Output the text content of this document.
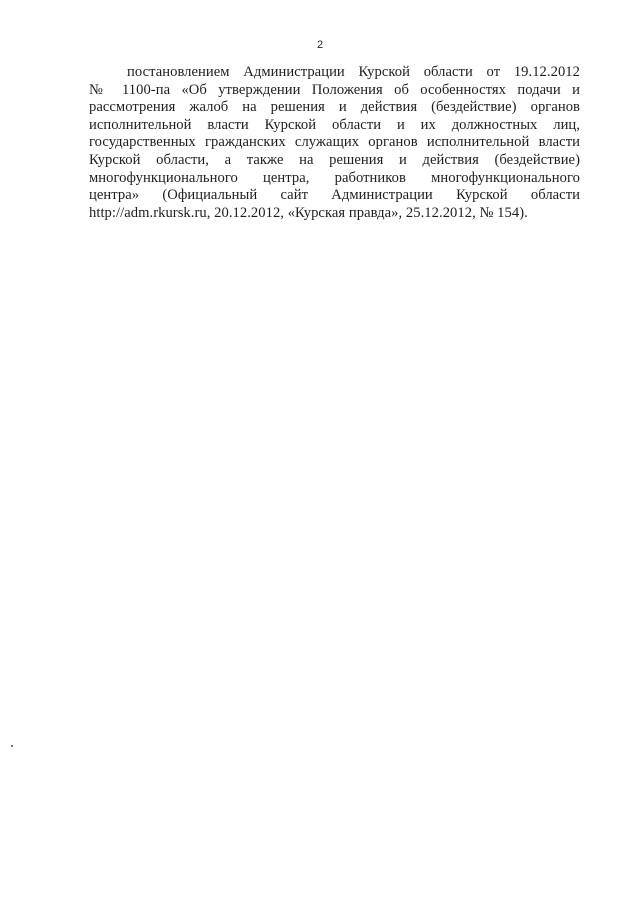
2
постановлением Администрации Курской области от 19.12.2012
№ 1100-па «Об утверждении Положения об особенностях подачи и
рассмотрения жалоб на решения и действия (бездействие) органов
исполнительной власти Курской области и их должностных лиц,
государственных гражданских служащих органов исполнительной власти
Курской области, а также на решения и действия (бездействие)
многофункционального центра, работников многофункционального
центра» (Официальный сайт Администрации Курской области
http://adm.rkursk.ru, 20.12.2012, «Курская правда», 25.12.2012, № 154).
